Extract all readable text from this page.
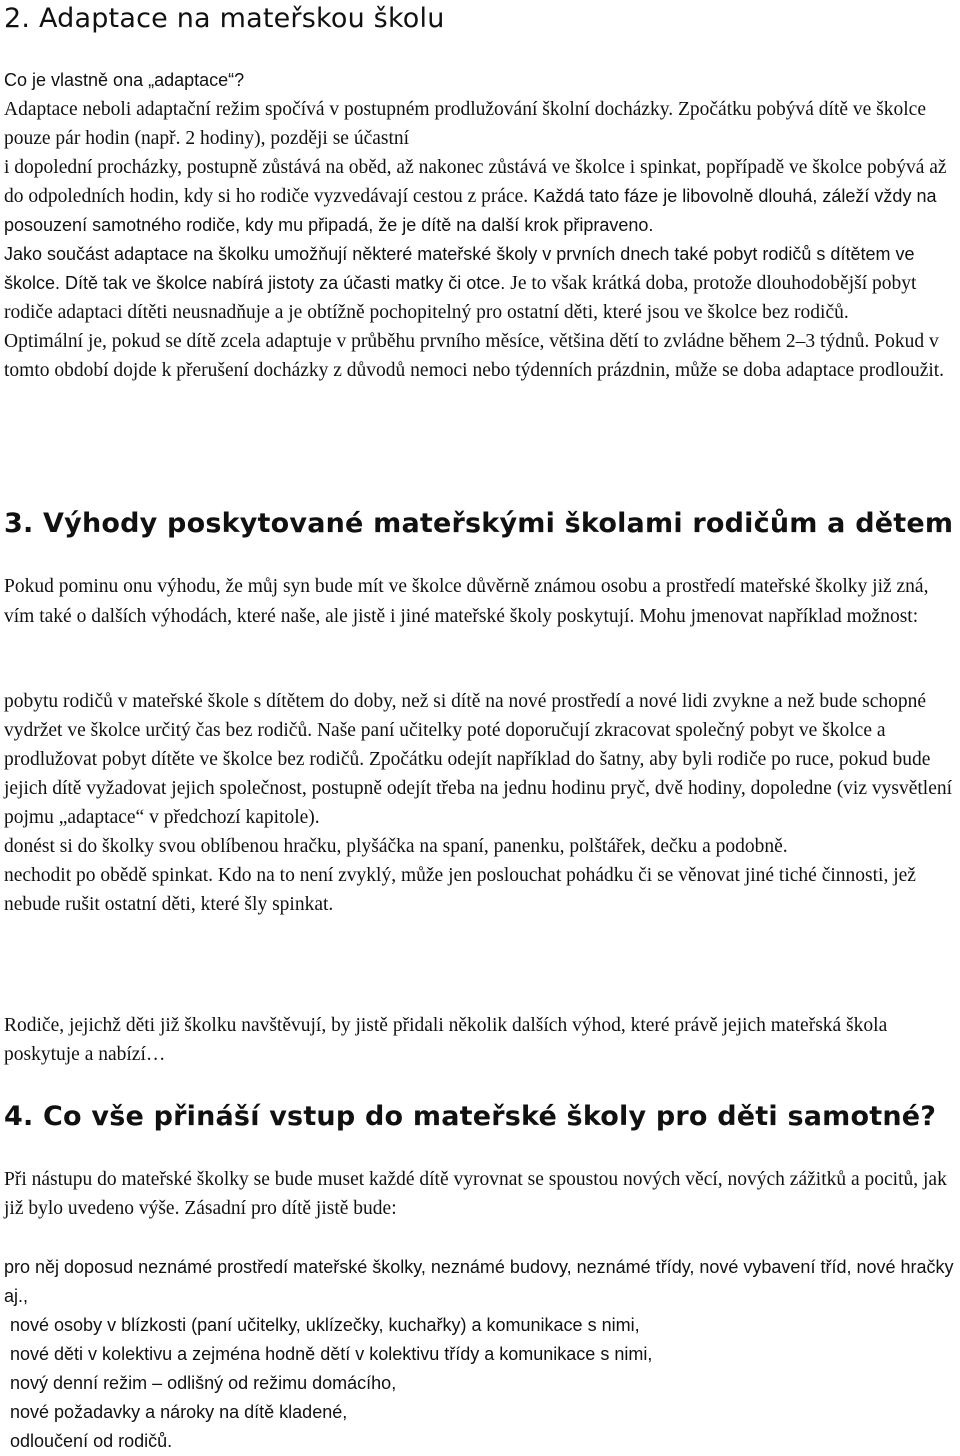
2. Adaptace na mateřskou školu

Co je vlastně ona „adaptace“?

Adaptace neboli adaptační režim spočívá v postupném prodlužování školní docházky. Zpočátku pobývá dítě ve školce pouze pár hodin (např. 2 hodiny), později se účastní
i dopolední procházky, postupně zůstává na oběd, až nakonec zůstává ve školce i spinkat, popřípadě ve školce pobývá až do odpoledních hodin, kdy si ho rodiče vyzvedávají cestou z práce. Každá tato fáze je libovolně dlouhá, záleží vždy na posouzení samotného rodiče, kdy mu připadá, že je dítě na další krok připraveno.

Jako součást adaptace na školku umožňují některé mateřské školy v prvních dnech také pobyt rodičů s dítětem ve školce. Dítě tak ve školce nabírá jistoty za účasti matky či otce. Je to však krátká doba, protože dlouhodobější pobyt rodiče adaptaci dítěti neusnadňuje a je obtížně pochopitelný pro ostatní děti, které jsou ve školce bez rodičů.

Optimální je, pokud se dítě zcela adaptuje v průběhu prvního měsíce, většina dětí to zvládne během 2–3 týdnů. Pokud v tomto období dojde k přerušení docházky z důvodů nemoci nebo týdenních prázdnin, může se doba adaptace prodloužit.

3. Výhody poskytované mateřskými školami rodičům a dětem

Pokud pominu onu výhodu, že můj syn bude mít ve školce důvěrně známou osobu a prostředí mateřské školky již zná, vím také o dalších výhodách, které naše, ale jistě i jiné mateřské školy poskytují. Mohu jmenovat například možnost:

pobytu rodičů v mateřské škole s dítětem do doby, než si dítě na nové prostředí a nové lidi zvykne a než bude schopné vydržet ve školce určitý čas bez rodičů. Naše paní učitelky poté doporučují zkracovat společný pobyt ve školce a prodlužovat pobyt dítěte ve školce bez rodičů. Zpočátku odejít například do šatny, aby byli rodiče po ruce, pokud bude jejich dítě vyžadovat jejich společnost, postupně odejít třeba na jednu hodinu pryč, dvě hodiny, dopoledne (viz vysvětlení pojmu „adaptace“ v předchozí kapitole).

donést si do školky svou oblíbenou hračku, plyšáčka na spaní, panenku, polštářek, dečku a podobně.

nechodit po obědě spinkat. Kdo na to není zvyklý, může jen poslouchat pohádku či se věnovat jiné tiché činnosti, jež nebude rušit ostatní děti, které šly spinkat.

Rodiče, jejichž děti již školku navštěvují, by jistě přidali několik dalších výhod, které právě jejich mateřská škola poskytuje a nabízí…

4. Co vše přináší vstup do mateřské školy pro děti samotné?

Při nástupu do mateřské školky se bude muset každé dítě vyrovnat se spoustou nových věcí, nových zážitků a pocitů, jak již bylo uvedeno výše. Zásadní pro dítě jistě bude:

pro něj doposud neznámé prostředí mateřské školky, neznámé budovy, neznámé třídy, nové vybavení tříd, nové hračky aj.,
nové osoby v blízkosti (paní učitelky, uklízečky, kuchařky) a komunikace s nimi,
nové děti v kolektivu a zejména hodně dětí v kolektivu třídy a komunikace s nimi,
nový denní režim – odlišný od režimu domácího,
nové požadavky a nároky na dítě kladené,
odloučení od rodičů.
